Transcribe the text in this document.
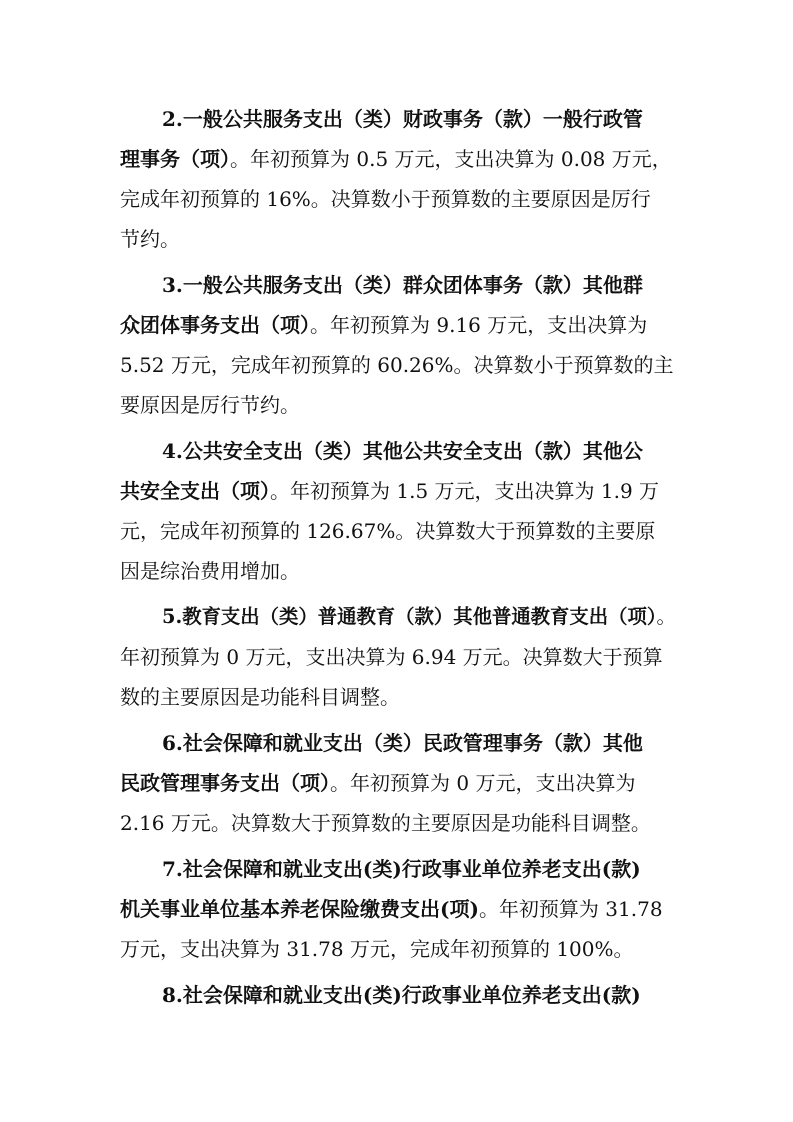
2.一般公共服务支出（类）财政事务（款）一般行政管
理事务（项）。年初预算为 0.5 万元，支出决算为 0.08 万元，
完成年初预算的 16%。决算数小于预算数的主要原因是厉行
节约。
3.一般公共服务支出（类）群众团体事务（款）其他群
众团体事务支出（项）。年初预算为 9.16 万元，支出决算为
5.52 万元，完成年初预算的 60.26%。决算数小于预算数的主
要原因是厉行节约。
4.公共安全支出（类）其他公共安全支出（款）其他公
共安全支出（项）。年初预算为 1.5 万元，支出决算为 1.9 万
元，完成年初预算的 126.67%。决算数大于预算数的主要原
因是综治费用增加。
5.教育支出（类）普通教育（款）其他普通教育支出（项）。
年初预算为 0 万元，支出决算为 6.94 万元。决算数大于预算
数的主要原因是功能科目调整。
6.社会保障和就业支出（类）民政管理事务（款）其他
民政管理事务支出（项）。年初预算为 0 万元，支出决算为
2.16 万元。决算数大于预算数的主要原因是功能科目调整。
7.社会保障和就业支出(类)行政事业单位养老支出(款)
机关事业单位基本养老保险缴费支出(项)。年初预算为 31.78
万元，支出决算为 31.78 万元，完成年初预算的 100%。
8.社会保障和就业支出(类)行政事业单位养老支出(款)
